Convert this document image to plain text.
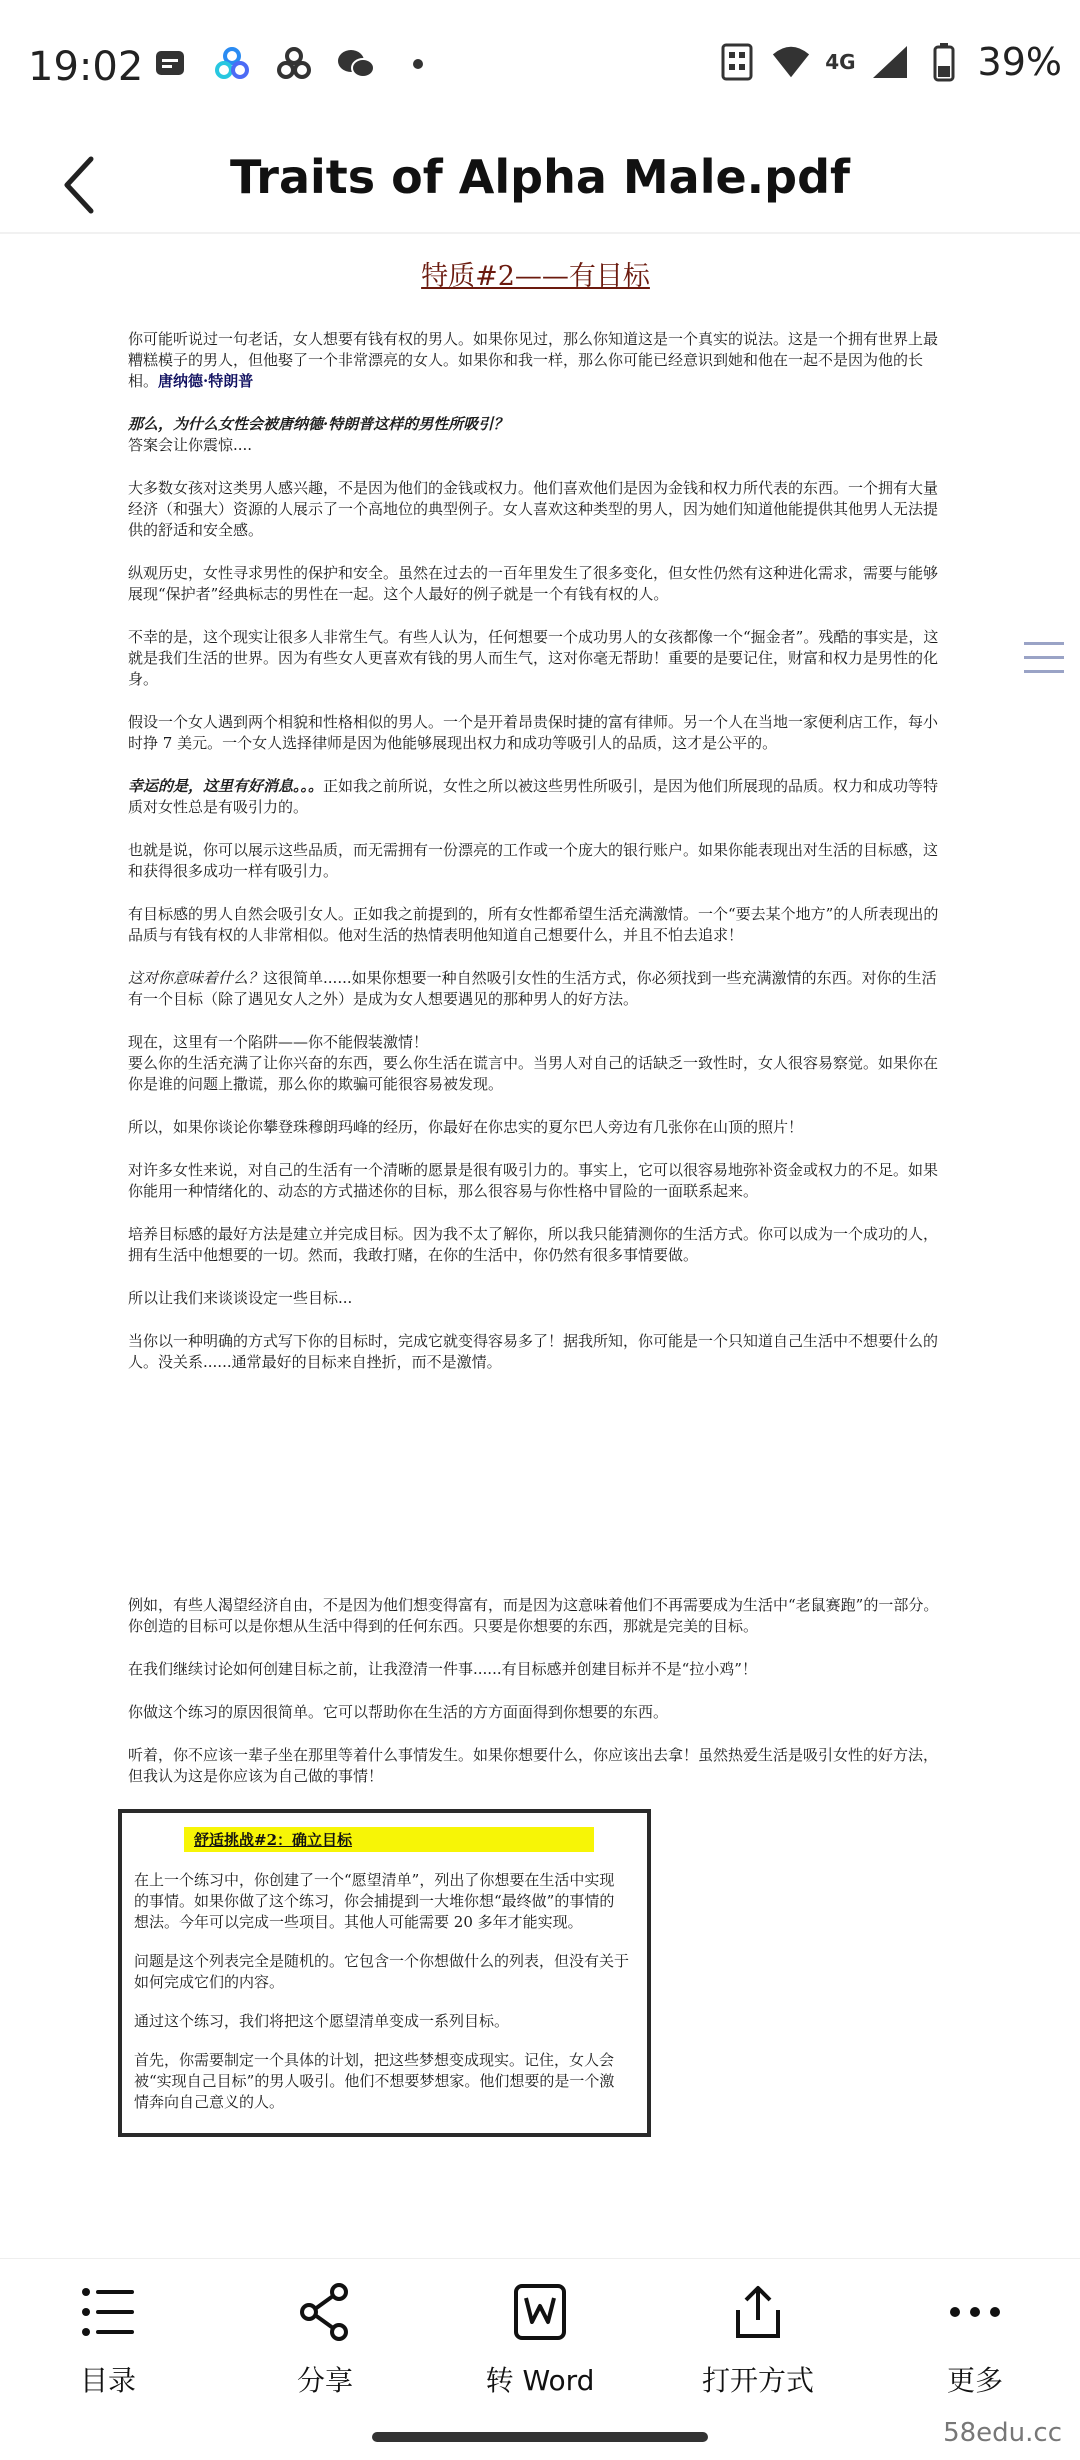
19:02	4G	39%
Traits of Alpha Male.pdf
特质#2——有目标

你可能听说过一句老话，女人想要有钱有权的男人。如果你见过，那么你知道这是一个真实的说法。这是一个拥有世界上最糟糕模子的男人，但他娶了一个非常漂亮的女人。如果你和我一样，那么你可能已经意识到她和他在一起不是因为他的长相。唐纳德·特朗普

那么，为什么女性会被唐纳德·特朗普这样的男性所吸引？
答案会让你震惊....

大多数女孩对这类男人感兴趣，不是因为他们的金钱或权力。他们喜欢他们是因为金钱和权力所代表的东西。一个拥有大量经济（和强大）资源的人展示了一个高地位的典型例子。女人喜欢这种类型的男人，因为她们知道他能提供其他男人无法提供的舒适和安全感。

纵观历史，女性寻求男性的保护和安全。虽然在过去的一百年里发生了很多变化，但女性仍然有这种进化需求，需要与能够展现“保护者”经典标志的男性在一起。这个人最好的例子就是一个有钱有权的人。

不幸的是，这个现实让很多人非常生气。有些人认为，任何想要一个成功男人的女孩都像一个“掘金者”。残酷的事实是，这就是我们生活的世界。因为有些女人更喜欢有钱的男人而生气，这对你毫无帮助！重要的是要记住，财富和权力是男性的化身。

假设一个女人遇到两个相貌和性格相似的男人。一个是开着昂贵保时捷的富有律师。另一个人在当地一家便利店工作，每小时挣 7 美元。一个女人选择律师是因为他能够展现出权力和成功等吸引人的品质，这才是公平的。

幸运的是，这里有好消息。。。正如我之前所说，女性之所以被这些男性所吸引，是因为他们所展现的品质。权力和成功等特质对女性总是有吸引力的。

也就是说，你可以展示这些品质，而无需拥有一份漂亮的工作或一个庞大的银行账户。如果你能表现出对生活的目标感，这和获得很多成功一样有吸引力。

有目标感的男人自然会吸引女人。正如我之前提到的，所有女性都希望生活充满激情。一个“要去某个地方”的人所表现出的品质与有钱有权的人非常相似。他对生活的热情表明他知道自己想要什么，并且不怕去追求！

这对你意味着什么？这很简单......如果你想要一种自然吸引女性的生活方式，你必须找到一些充满激情的东西。对你的生活有一个目标（除了遇见女人之外）是成为女人想要遇见的那种男人的好方法。

现在，这里有一个陷阱——你不能假装激情！
要么你的生活充满了让你兴奋的东西，要么你生活在谎言中。当男人对自己的话缺乏一致性时，女人很容易察觉。如果你在你是谁的问题上撒谎，那么你的欺骗可能很容易被发现。

所以，如果你谈论你攀登珠穆朗玛峰的经历，你最好在你忠实的夏尔巴人旁边有几张你在山顶的照片！

对许多女性来说，对自己的生活有一个清晰的愿景是很有吸引力的。事实上，它可以很容易地弥补资金或权力的不足。如果你能用一种情绪化的、动态的方式描述你的目标，那么很容易与你性格中冒险的一面联系起来。

培养目标感的最好方法是建立并完成目标。因为我不太了解你，所以我只能猜测你的生活方式。你可以成为一个成功的人，拥有生活中他想要的一切。然而，我敢打赌，在你的生活中，你仍然有很多事情要做。

所以让我们来谈谈设定一些目标...

当你以一种明确的方式写下你的目标时，完成它就变得容易多了！据我所知，你可能是一个只知道自己生活中不想要什么的人。没关系......通常最好的目标来自挫折，而不是激情。

例如，有些人渴望经济自由，不是因为他们想变得富有，而是因为这意味着他们不再需要成为生活中“老鼠赛跑”的一部分。你创造的目标可以是你想从生活中得到的任何东西。只要是你想要的东西，那就是完美的目标。

在我们继续讨论如何创建目标之前，让我澄清一件事......有目标感并创建目标并不是“拉小鸡”！

你做这个练习的原因很简单。它可以帮助你在生活的方方面面得到你想要的东西。

听着，你不应该一辈子坐在那里等着什么事情发生。如果你想要什么，你应该出去拿！虽然热爱生活是吸引女性的好方法，但我认为这是你应该为自己做的事情！

舒适挑战#2：确立目标

在上一个练习中，你创建了一个“愿望清单”，列出了你想要在生活中实现的事情。如果你做了这个练习，你会捕提到一大堆你想“最终做”的事情的想法。今年可以完成一些项目。其他人可能需要 20 多年才能实现。

问题是这个列表完全是随机的。它包含一个你想做什么的列表，但没有关于如何完成它们的内容。

通过这个练习，我们将把这个愿望清单变成一系列目标。

首先，你需要制定一个具体的计划，把这些梦想变成现实。记住，女人会被“实现自己目标”的男人吸引。他们不想要梦想家。他们想要的是一个激情奔向自己意义的人。

目录	分享	转 Word	打开方式	更多
58edu.cc
